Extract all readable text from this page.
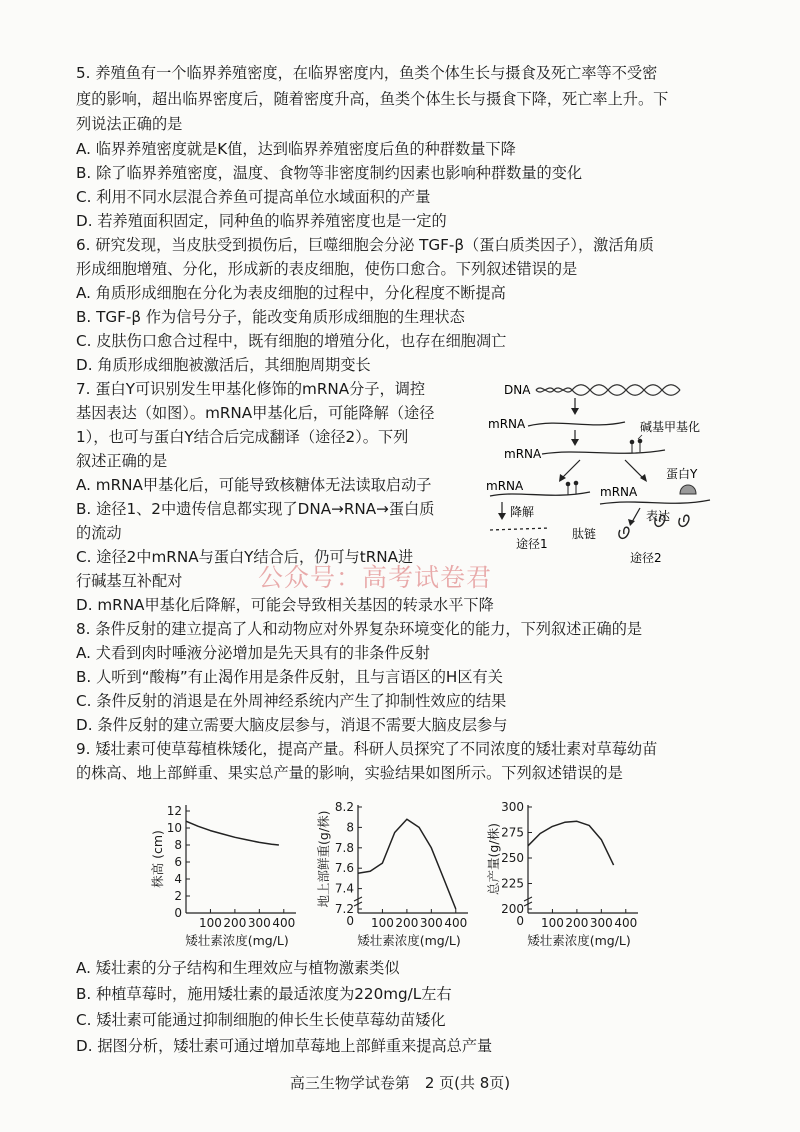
5. 养殖鱼有一个临界养殖密度，在临界密度内，鱼类个体生长与摄食及死亡率等不受密
度的影响，超出临界密度后，随着密度升高，鱼类个体生长与摄食下降，死亡率上升。下
列说法正确的是
A. 临界养殖密度就是K值，达到临界养殖密度后鱼的种群数量下降
B. 除了临界养殖密度，温度、食物等非密度制约因素也影响种群数量的变化
C. 利用不同水层混合养鱼可提高单位水域面积的产量
D. 若养殖面积固定，同种鱼的临界养殖密度也是一定的
6. 研究发现，当皮肤受到损伤后，巨噬细胞会分泌 TGF-β（蛋白质类因子），激活角质
形成细胞增殖、分化，形成新的表皮细胞，使伤口愈合。下列叙述错误的是
A. 角质形成细胞在分化为表皮细胞的过程中，分化程度不断提高
B. TGF-β 作为信号分子，能改变角质形成细胞的生理状态
C. 皮肤伤口愈合过程中，既有细胞的增殖分化，也存在细胞凋亡
D. 角质形成细胞被激活后，其细胞周期变长
7. 蛋白Y可识别发生甲基化修饰的mRNA分子，调控
基因表达（如图）。mRNA甲基化后，可能降解（途径
1），也可与蛋白Y结合后完成翻译（途径2）。下列
叙述正确的是
A. mRNA甲基化后，可能导致核糖体无法读取启动子
B. 途径1、2中遗传信息都实现了DNA→RNA→蛋白质
的流动
C. 途径2中mRNA与蛋白Y结合后，仍可与tRNA进
行碱基互补配对
D. mRNA甲基化后降解，可能会导致相关基因的转录水平下降
DNA
mRNA	碱基甲基化
mRNA
蛋白Y
mRNA	mRNA
降解
途径1
表达
肽链
途径2
公众号：高考试卷君
8. 条件反射的建立提高了人和动物应对外界复杂环境变化的能力，下列叙述正确的是
A. 犬看到肉时唾液分泌增加是先天具有的非条件反射
B. 人听到“酸梅”有止渴作用是条件反射，且与言语区的H区有关
C. 条件反射的消退是在外周神经系统内产生了抑制性效应的结果
D. 条件反射的建立需要大脑皮层参与，消退不需要大脑皮层参与
9. 矮壮素可使草莓植株矮化，提高产量。科研人员探究了不同浓度的矮壮素对草莓幼苗
的株高、地上部鲜重、果实总产量的影响，实验结果如图所示。下列叙述错误的是
0
2
4
6
8
10
12
100 200 300 400
矮壮素浓度(mg/L)
株高 (cm)
7.2
7.4
7.6
7.8
8
8.2
0 100 200 300 400
矮壮素浓度(mg/L)
地上部鲜重(g/株)
200
225
250
275
300
0 100 200 300 400
矮壮素浓度(mg/L)
总产量(g/株)
A. 矮壮素的分子结构和生理效应与植物激素类似
B. 种植草莓时，施用矮壮素的最适浓度为220mg/L左右
C. 矮壮素可能通过抑制细胞的伸长生长使草莓幼苗矮化
D. 据图分析，矮壮素可通过增加草莓地上部鲜重来提高总产量
高三生物学试卷第　2 页(共 8页)
